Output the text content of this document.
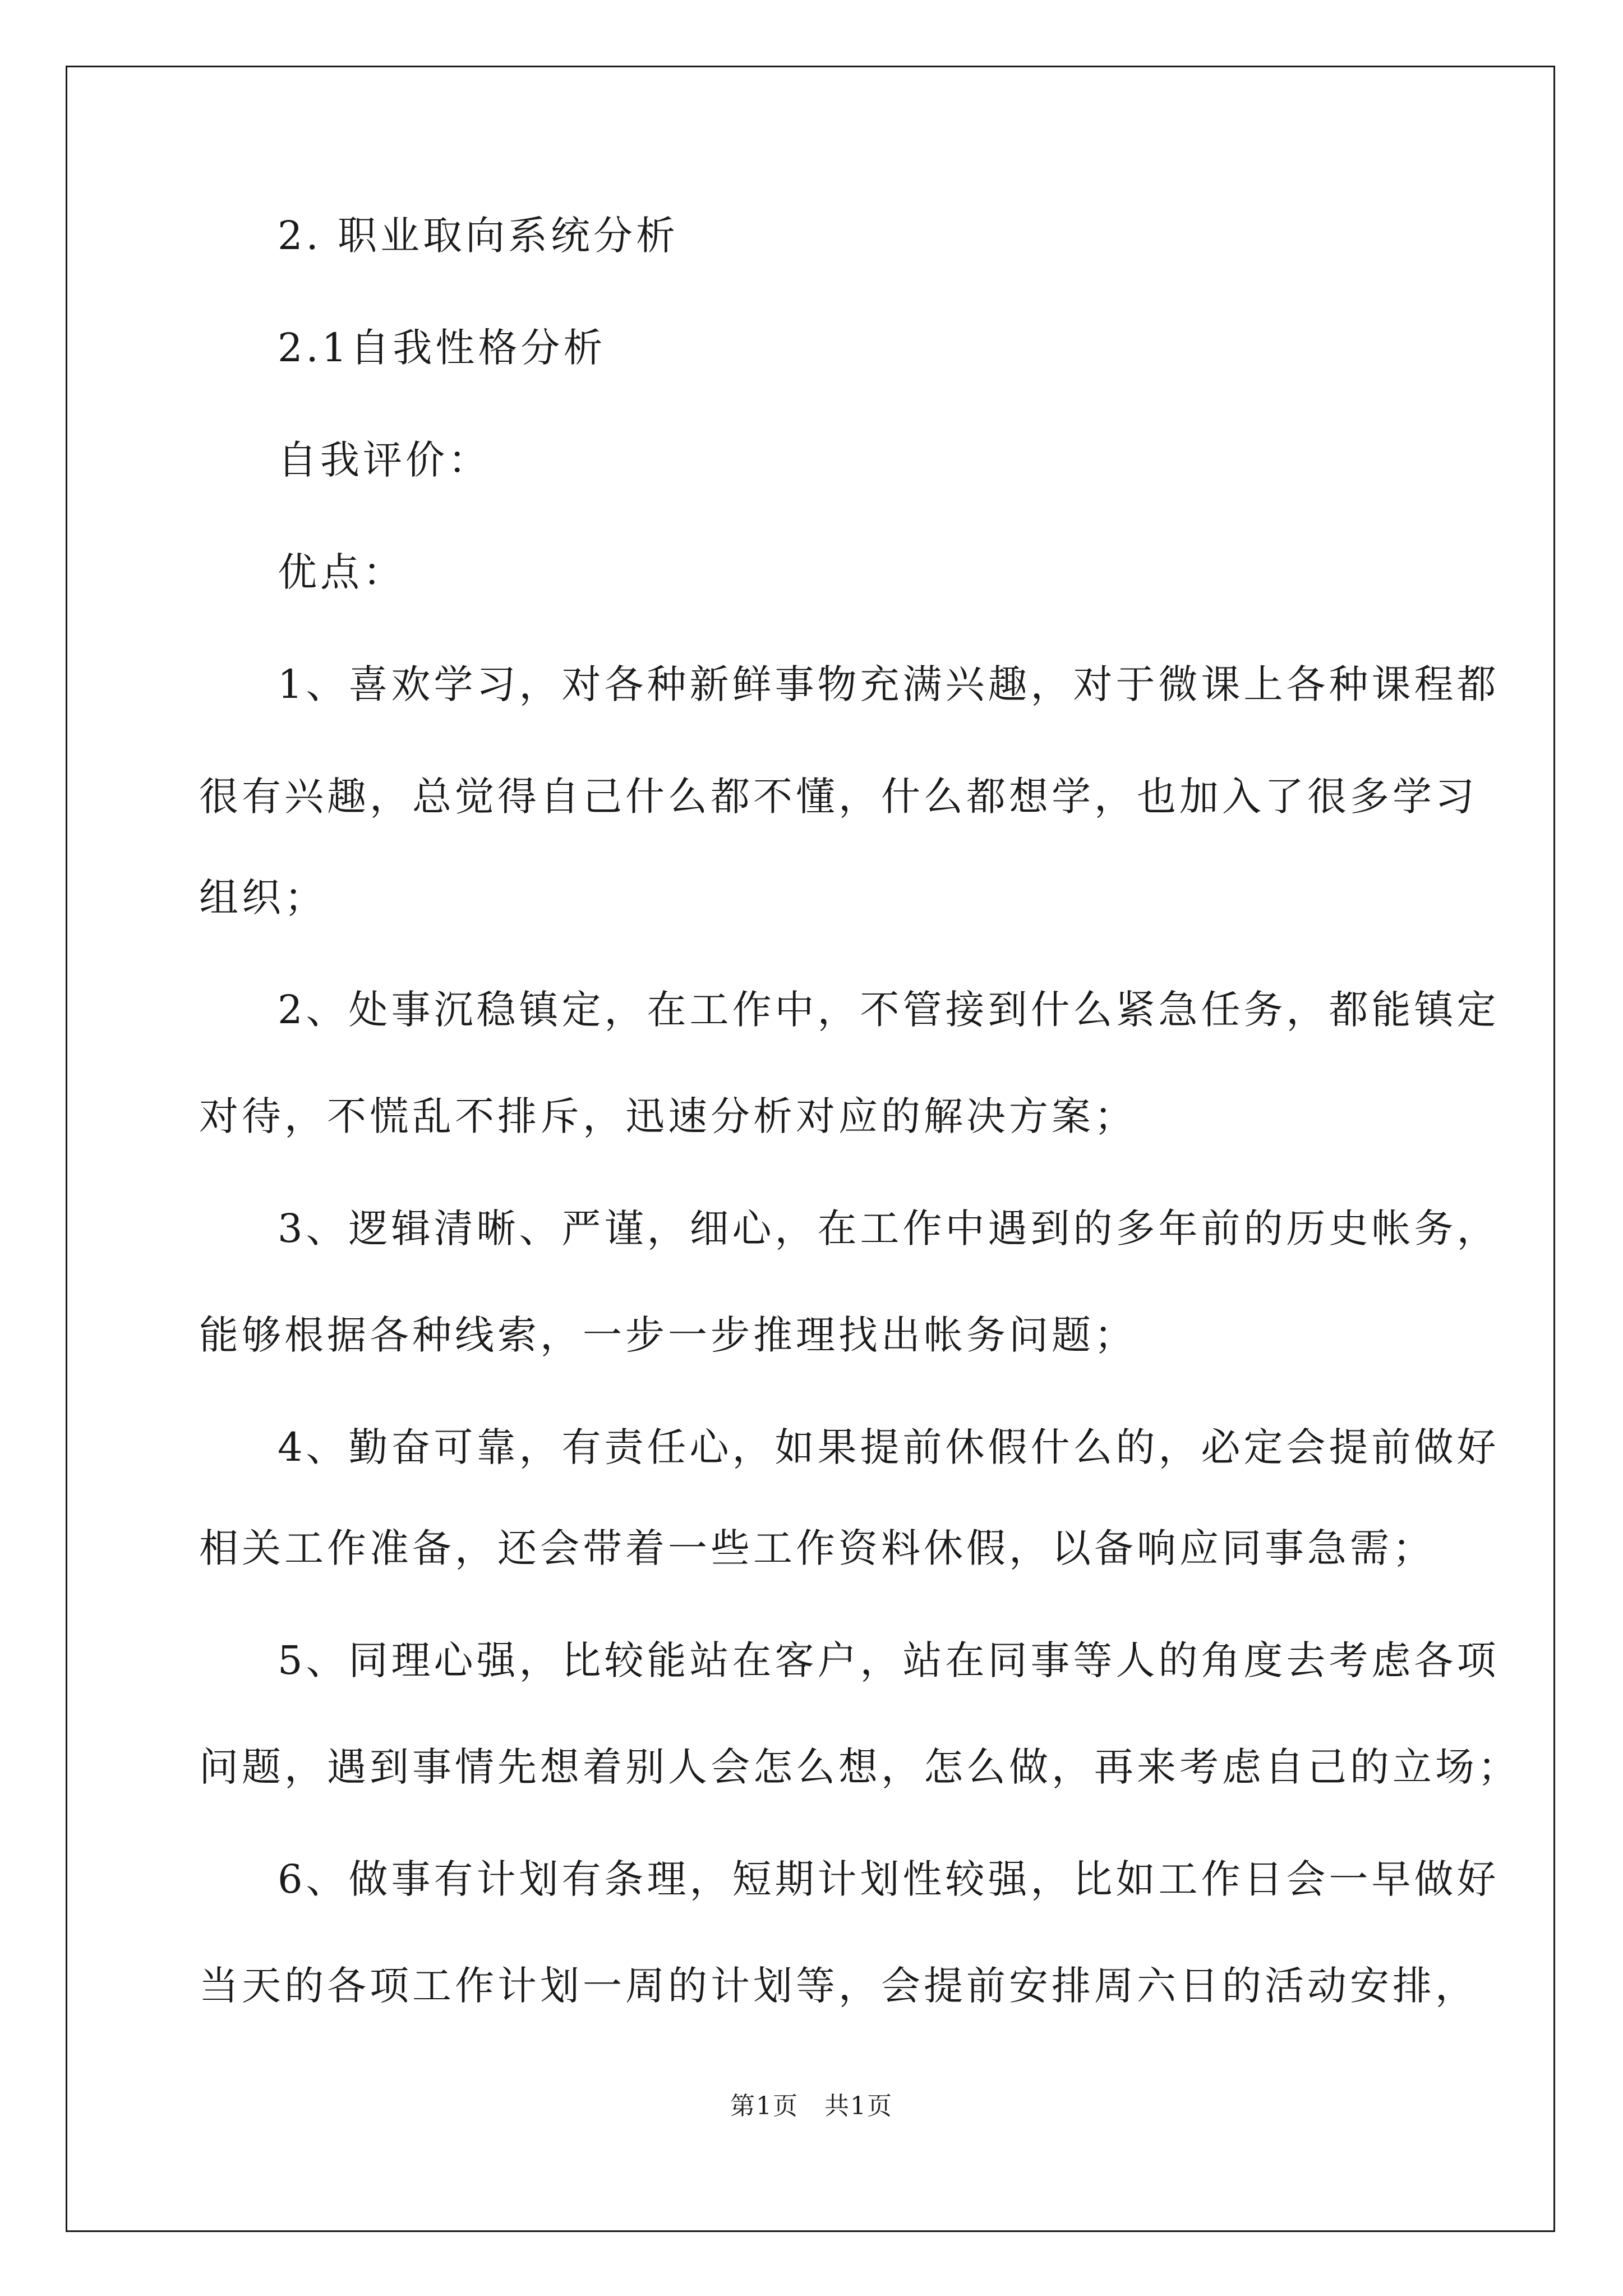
2. 职业取向系统分析
2.1自我性格分析
自我评价：
优点：
1、喜欢学习，对各种新鲜事物充满兴趣，对于微课上各种课程都
很有兴趣，总觉得自己什么都不懂，什么都想学，也加入了很多学习
组织；
2、处事沉稳镇定，在工作中，不管接到什么紧急任务，都能镇定
对待，不慌乱不排斥，迅速分析对应的解决方案；
3、逻辑清晰、严谨，细心，在工作中遇到的多年前的历史帐务，
能够根据各种线索，一步一步推理找出帐务问题；
4、勤奋可靠，有责任心，如果提前休假什么的，必定会提前做好
相关工作准备，还会带着一些工作资料休假，以备响应同事急需；
5、同理心强，比较能站在客户，站在同事等人的角度去考虑各项
问题，遇到事情先想着别人会怎么想，怎么做，再来考虑自己的立场；
6、做事有计划有条理，短期计划性较强，比如工作日会一早做好
当天的各项工作计划一周的计划等，会提前安排周六日的活动安排，
第1页　共1页
